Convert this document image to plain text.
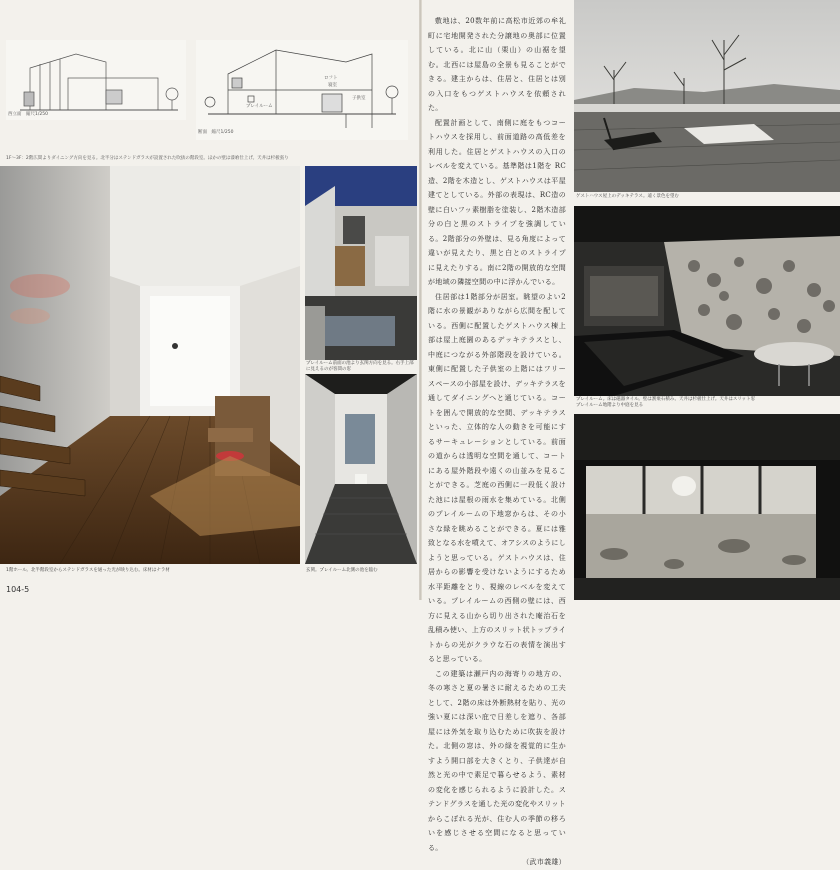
西立面　縮尺1/250
ロフト
寝室
プレイルーム
子供室
断面　縮尺1/250
1F～3F：2階広間よりダイニング方向を見る。北半分はステンドガラスが設置された吹抜の階段室。ほかの壁は漆喰仕上げ。天井は杉板張り
1階ホール。北半階段室からステンドガラスを通った光が映り込む。床材はナラ材
104-5
プレイルーム前面の池より玄関方向を見る。右手上部に見えるのが客間の窓
玄関。プレイルーム北側の池を臨む

敷地は、20数年前に高松市近郊の牟礼町に宅地開発された分譲地の奥部に位置している。北に山（栗山）の山裾を望む。北西には屋島の全景も見ることができる。建主からは、住居と、住居とは別の入口をもつゲストハウスを依頼された。

配置計画として、南側に庭をもつコートハウスを採用し、前面道路の高低差を利用した。住居とゲストハウスの入口のレベルを変えている。基準階は1階を RC造、2階を木造とし、ゲストハウスは平屋建てとしている。外部の表現は、RC造の壁に白いフッ素樹脂を塗装し、2階木造部分の白と黒のストライプを強調している。2階部分の外壁は、見る角度によって違いが見えたり、黒と白とのストライプに見えたりする。南に2階の開放的な空間が地域の隣接空間の中に浮かんでいる。

住居部は1階部分が居室。眺望のよい2階に水の景観がありながら広間を配している。西側に配置したゲストハウス棟上部は屋上庭園のあるデッキテラスとし、中庭につながる外部階段を設けている。東側に配置した子供室の上階にはフリースペースの小部屋を設け、デッキテラスを通してダイニングへと通じている。コートを囲んで開放的な空間、デッキテラスといった、立体的な人の動きを可能にするサーキュレーションとしている。前面の道からは透明な空間を通して、コートにある屋外階段や遠くの山並みを見ることができる。芝庭の西側に一段低く設けた池には屋根の雨水を集めている。北側のプレイルームの下地窓からは、その小さな緑を眺めることができる。夏には雅致となる水を噴えて、オアシスのようにしようと思っている。ゲストハウスは、住居からの影響を受けないようにするため水平距離をとり、視線のレベルを変えている。プレイルームの西側の壁には、西方に見える山から切り出された庵治石を乱積み使い、上方のスリット状トップライトからの光がクラウな石の表情を演出すると思っている。

この建築は瀬戸内の海寄りの地方の、冬の寒さと夏の暑さに耐えるための工夫として、2階の床は外断熱材を貼り、光の強い夏には深い庇で日差しを遮り、各部屋には外気を取り込むために吹抜を設けた。北側の窓は、外の緑を視覚的に生かすよう開口部を大きくとり、子供達が自然と光の中で素足で暮らせるよう、素材の変化を感じられるように設計した。ステンドグラスを通した光の変化やスリットからこぼれる光が、住む人の季節の移ろいを感じさせる空間になると思っている。

（武市義雄）
ゲストハウス屋上のデッキテラス。遠く景色を望む
プレイルーム。床は磁器タイル。壁は割栗石積み。天井は杉板仕上げ。天井はスリット窓
プレイルーム地階より中庭を見る
